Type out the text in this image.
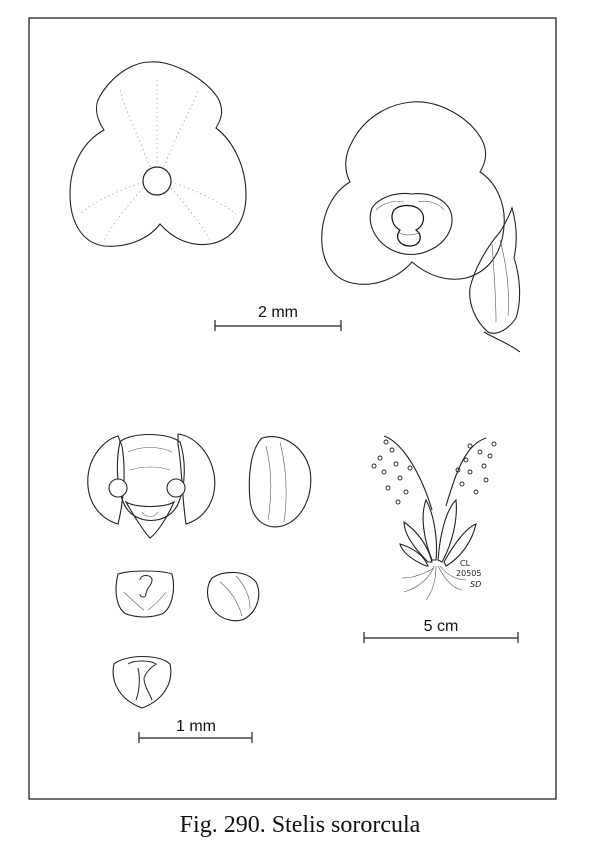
2 mm
1 mm
CL
20505
SD
5 cm
Fig. 290. Stelis sororcula
